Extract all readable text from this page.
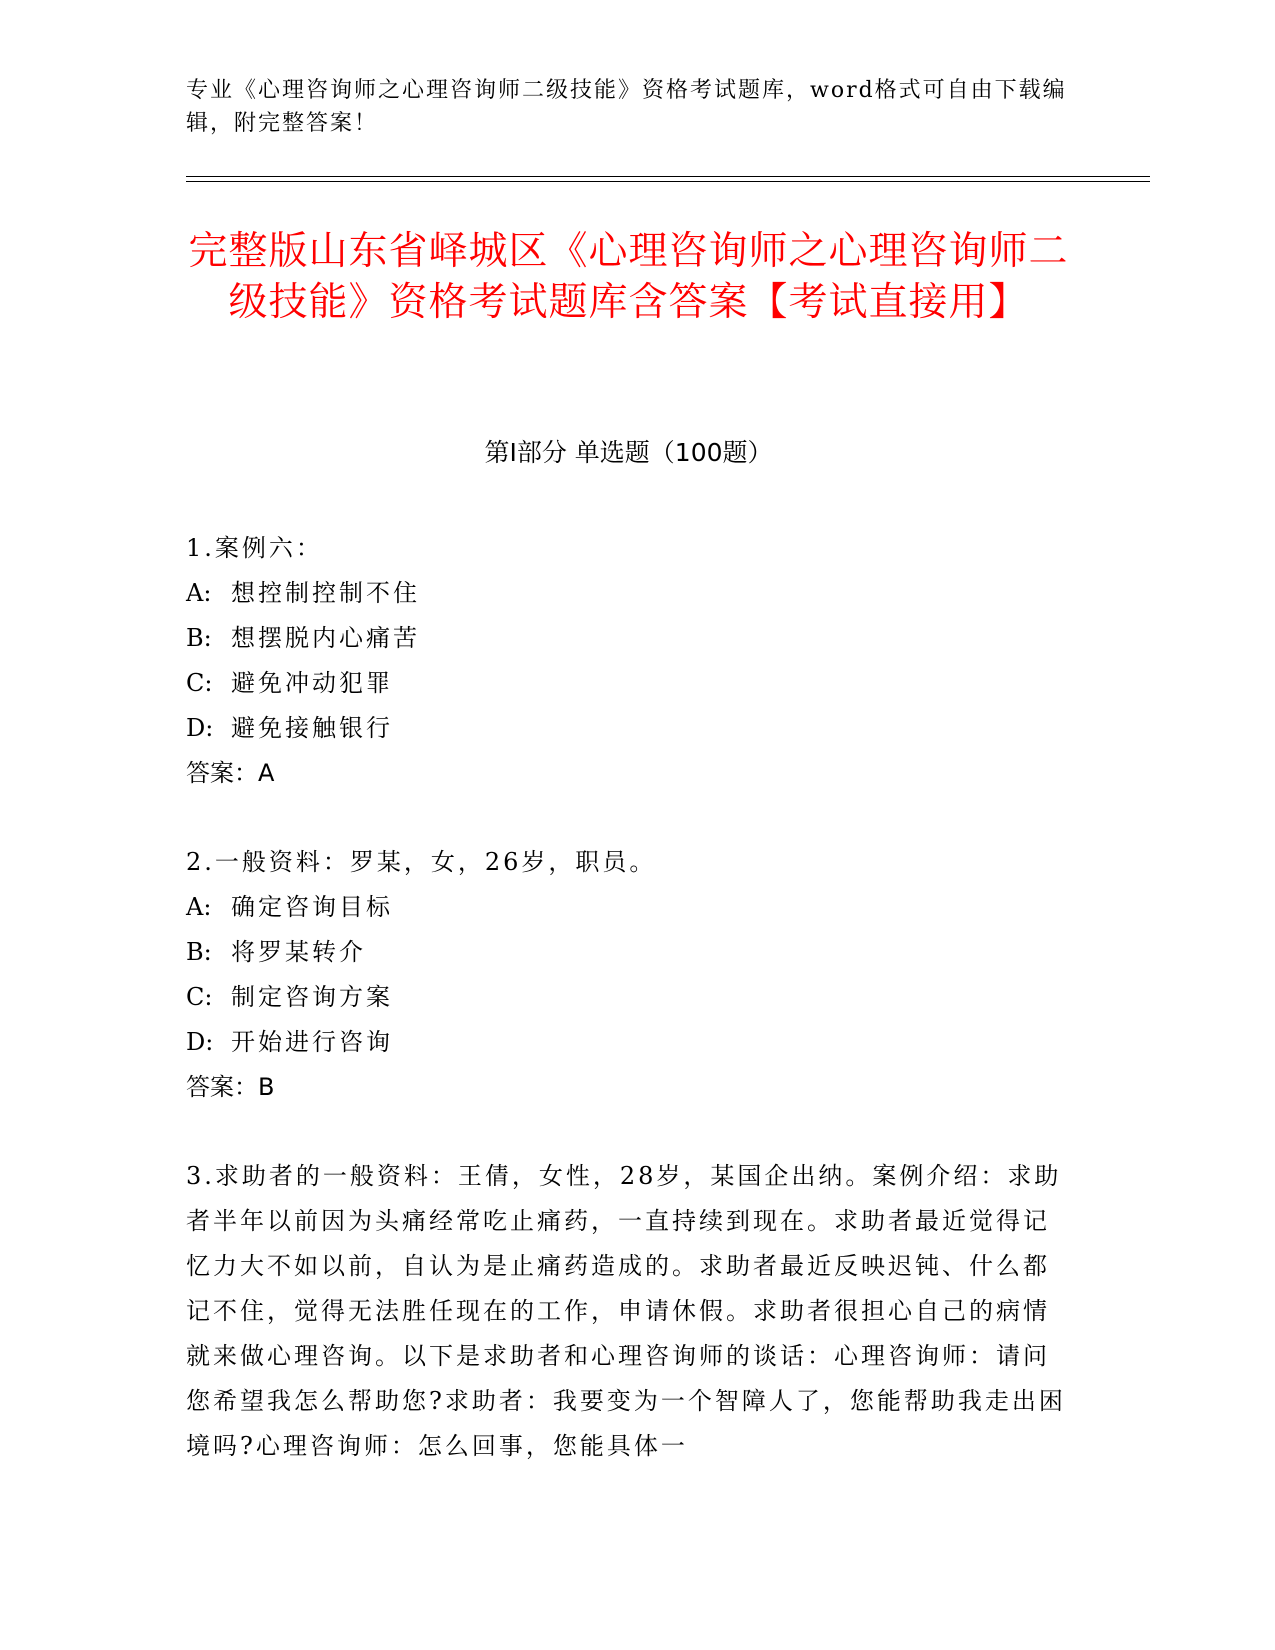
专业《心理咨询师之心理咨询师二级技能》资格考试题库，word格式可自由下载编辑，附完整答案！
完整版山东省峄城区《心理咨询师之心理咨询师二级技能》资格考试题库含答案【考试直接用】
第I部分 单选题（100题）

1.案例六：

A: 想控制控制不住

B: 想摆脱内心痛苦

C: 避免冲动犯罪

D: 避免接触银行

答案：A

2.一般资料：罗某，女，26岁，职员。

A: 确定咨询目标

B: 将罗某转介

C: 制定咨询方案

D: 开始进行咨询

答案：B

3.求助者的一般资料：王倩，女性，28岁，某国企出纳。案例介绍：求助者半年以前因为头痛经常吃止痛药，一直持续到现在。求助者最近觉得记忆力大不如以前，自认为是止痛药造成的。求助者最近反映迟钝、什么都记不住，觉得无法胜任现在的工作，申请休假。求助者很担心自己的病情就来做心理咨询。以下是求助者和心理咨询师的谈话：心理咨询师：请问您希望我怎么帮助您?求助者：我要变为一个智障人了，您能帮助我走出困境吗?心理咨询师：怎么回事，您能具体一
